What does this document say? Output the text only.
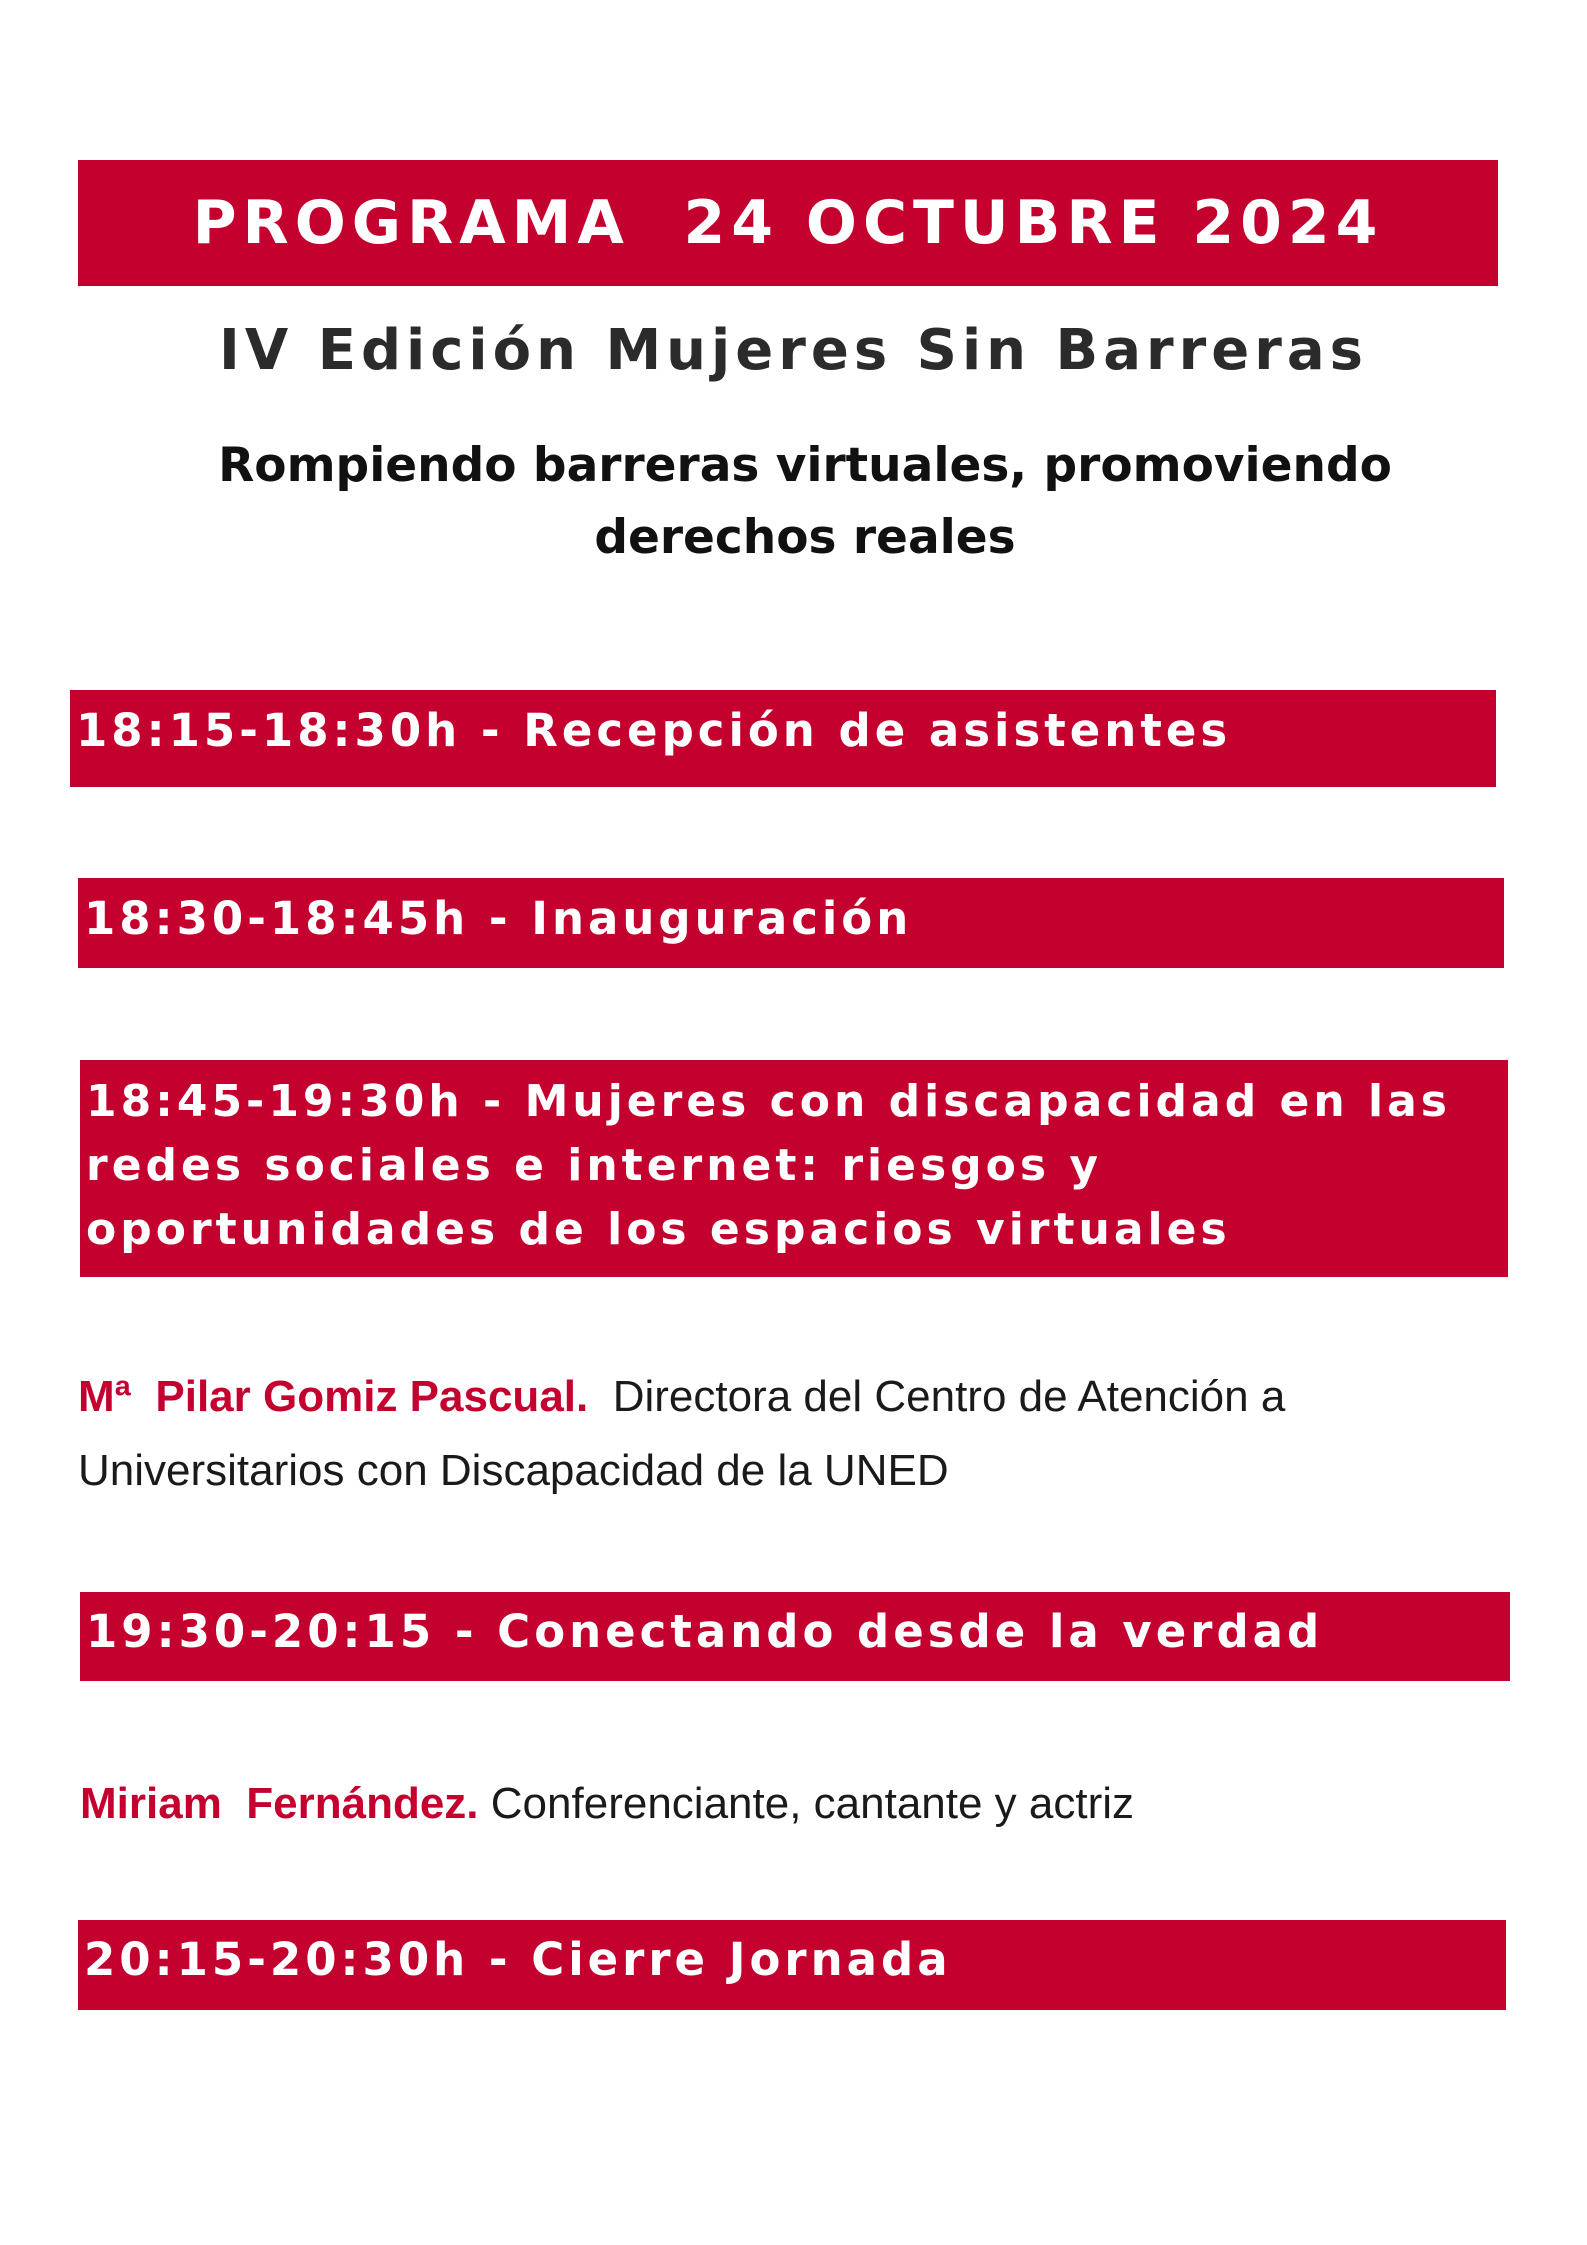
PROGRAMA  24 OCTUBRE 2024
IV Edición Mujeres Sin Barreras
Rompiendo barreras virtuales, promoviendo
derechos reales
18:15-18:30h - Recepción de asistentes
18:30-18:45h - Inauguración
18:45-19:30h - Mujeres con discapacidad en las
redes sociales e internet: riesgos y
oportunidades de los espacios virtuales
Mª  Pilar Gomiz Pascual. Directora del Centro de Atención a
Universitarios con Discapacidad de la UNED
19:30-20:15 - Conectando desde la verdad
Miriam  Fernández. Conferenciante, cantante y actriz
20:15-20:30h - Cierre Jornada
